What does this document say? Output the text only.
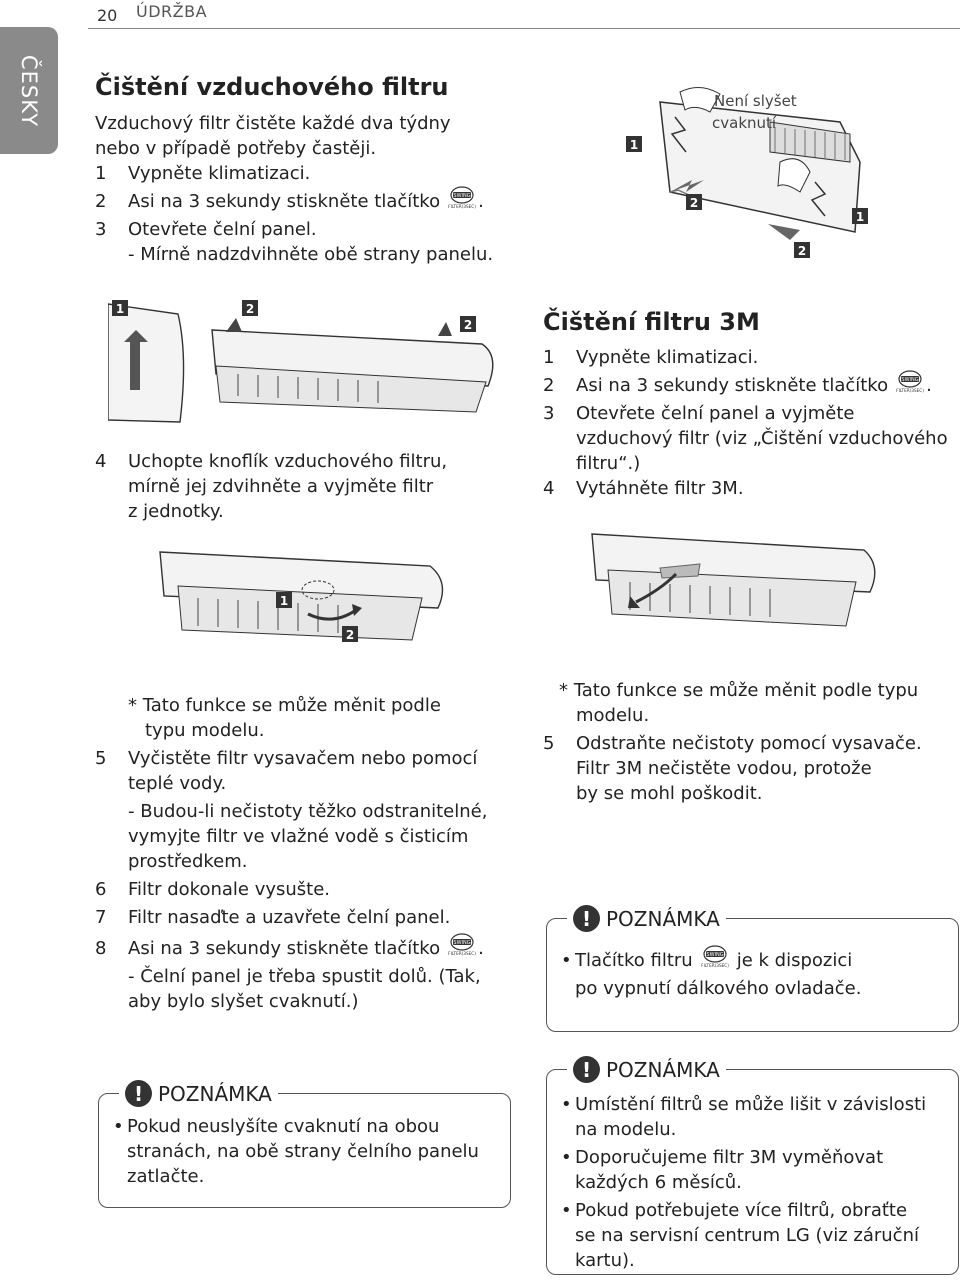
20 ÚDRŽBA
ČESKY Čištění vzduchového filtru
Vzduchový filtr čistěte každé dva týdny
nebo v případě potřeby častěji.
1	Vypněte klimatizaci.
2	Asi na 3 sekundy stiskněte tlačítko	SWING
FILTER(3SEC) .
3	Otevřete čelní panel.
- Mírně nadzdvihněte obě strany panelu.
1
2
2
1
Není slyšet
cvaknutí
1	2
2
4	Uchopte knoflík vzduchového filtru,
mírně jej zdvihněte a vyjměte filtr
z jednotky.
Čištění filtru 3M
1	Vypněte klimatizaci.
2	Asi na 3 sekundy stiskněte tlačítko	SWING
FILTER(3SEC) .
3	Otevřete čelní panel a vyjměte
vzduchový filtr (viz „Čištění vzduchového
filtru“.)
4	Vytáhněte filtr 3M.
1
2
* Tato funkce se může měnit podle
typu modelu.
5	Vyčistěte filtr vysavačem nebo pomocí
teplé vody.
- Budou-li nečistoty těžko odstranitelné,
vymyjte filtr ve vlažné vodě s čisticím
prostředkem.
6	Filtr dokonale vysušte.
7	Filtr nasaďte a uzavřete čelní panel.
8	Asi na 3 sekundy stiskněte tlačítko	SWING
FILTER(3SEC) .
- Čelní panel je třeba spustit dolů. (Tak,
aby bylo slyšet cvaknutí.)
* Tato funkce se může měnit podle typu
modelu.
5	Odstraňte nečistoty pomocí vysavače.
Filtr 3M nečistěte vodou, protože
by se mohl poškodit.
! POZNÁMKA
• Tlačítko filtru	SWING
FILTER(3SEC) je k dispozici
po vypnutí dálkového ovladače.
! POZNÁMKA
• Pokud neuslyšíte cvaknutí na obou
stranách, na obě strany čelního panelu
zatlačte.
! POZNÁMKA
• Umístění filtrů se může lišit v závislosti
na modelu.
• Doporučujeme filtr 3M vyměňovat
každých 6 měsíců.
• Pokud potřebujete více filtrů, obraťte
se na servisní centrum LG (viz záruční
kartu).
